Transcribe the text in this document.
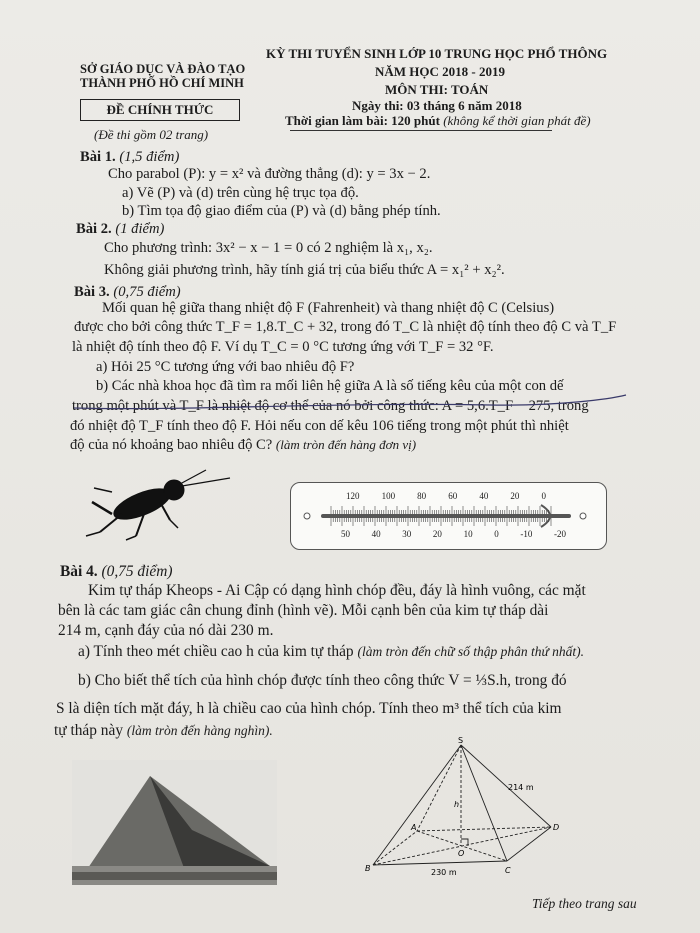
SỞ GIÁO DỤC VÀ ĐÀO TẠO
THÀNH PHỐ HỒ CHÍ MINH
ĐỀ CHÍNH THỨC
(Đề thi gồm 02 trang)
KỲ THI TUYỂN SINH LỚP 10 TRUNG HỌC PHỔ THÔNG
NĂM HỌC 2018 - 2019
MÔN THI: TOÁN
Ngày thi: 03 tháng 6 năm 2018
Thời gian làm bài: 120 phút (không kể thời gian phát đề)
Bài 1. (1,5 điểm)
Cho parabol (P): y = x² và đường thẳng (d): y = 3x − 2.
a) Vẽ (P) và (d) trên cùng hệ trục tọa độ.
b) Tìm tọa độ giao điểm của (P) và (d) bằng phép tính.
Bài 2. (1 điểm)
Cho phương trình: 3x² − x − 1 = 0 có 2 nghiệm là x₁, x₂.
Không giải phương trình, hãy tính giá trị của biểu thức A = x₁² + x₂².
Bài 3. (0,75 điểm)
Mối quan hệ giữa thang nhiệt độ F (Fahrenheit) và thang nhiệt độ C (Celsius)
được cho bởi công thức T_F = 1,8.T_C + 32, trong đó T_C là nhiệt độ tính theo độ C và T_F
là nhiệt độ tính theo độ F. Ví dụ T_C = 0 °C tương ứng với T_F = 32 °F.
a) Hỏi 25 °C tương ứng với bao nhiêu độ F?
b) Các nhà khoa học đã tìm ra mối liên hệ giữa A là số tiếng kêu của một con dế
trong một phút và T_F là nhiệt độ cơ thể của nó bởi công thức: A = 5,6.T_F − 275, trong
đó nhiệt độ T_F tính theo độ F. Hỏi nếu con dế kêu 106 tiếng trong một phút thì nhiệt
độ của nó khoảng bao nhiêu độ C? (làm tròn đến hàng đơn vị)
120 100 80 60 40 20 0
50 40 30 20 10 0 -10 -20
Bài 4. (0,75 điểm)
Kim tự tháp Kheops - Ai Cập có dạng hình chóp đều, đáy là hình vuông, các mặt
bên là các tam giác cân chung đỉnh (hình vẽ). Mỗi cạnh bên của kim tự tháp dài
214 m, cạnh đáy của nó dài 230 m.
a) Tính theo mét chiều cao h của kim tự tháp (làm tròn đến chữ số thập phân thứ nhất).
b) Cho biết thể tích của hình chóp được tính theo công thức V = ⅓S.h, trong đó
S là diện tích mặt đáy, h là chiều cao của hình chóp. Tính theo m³ thể tích của kim
tự tháp này (làm tròn đến hàng nghìn).
S
A
B	C
D
O
h
214 m
230 m
Tiếp theo trang sau
